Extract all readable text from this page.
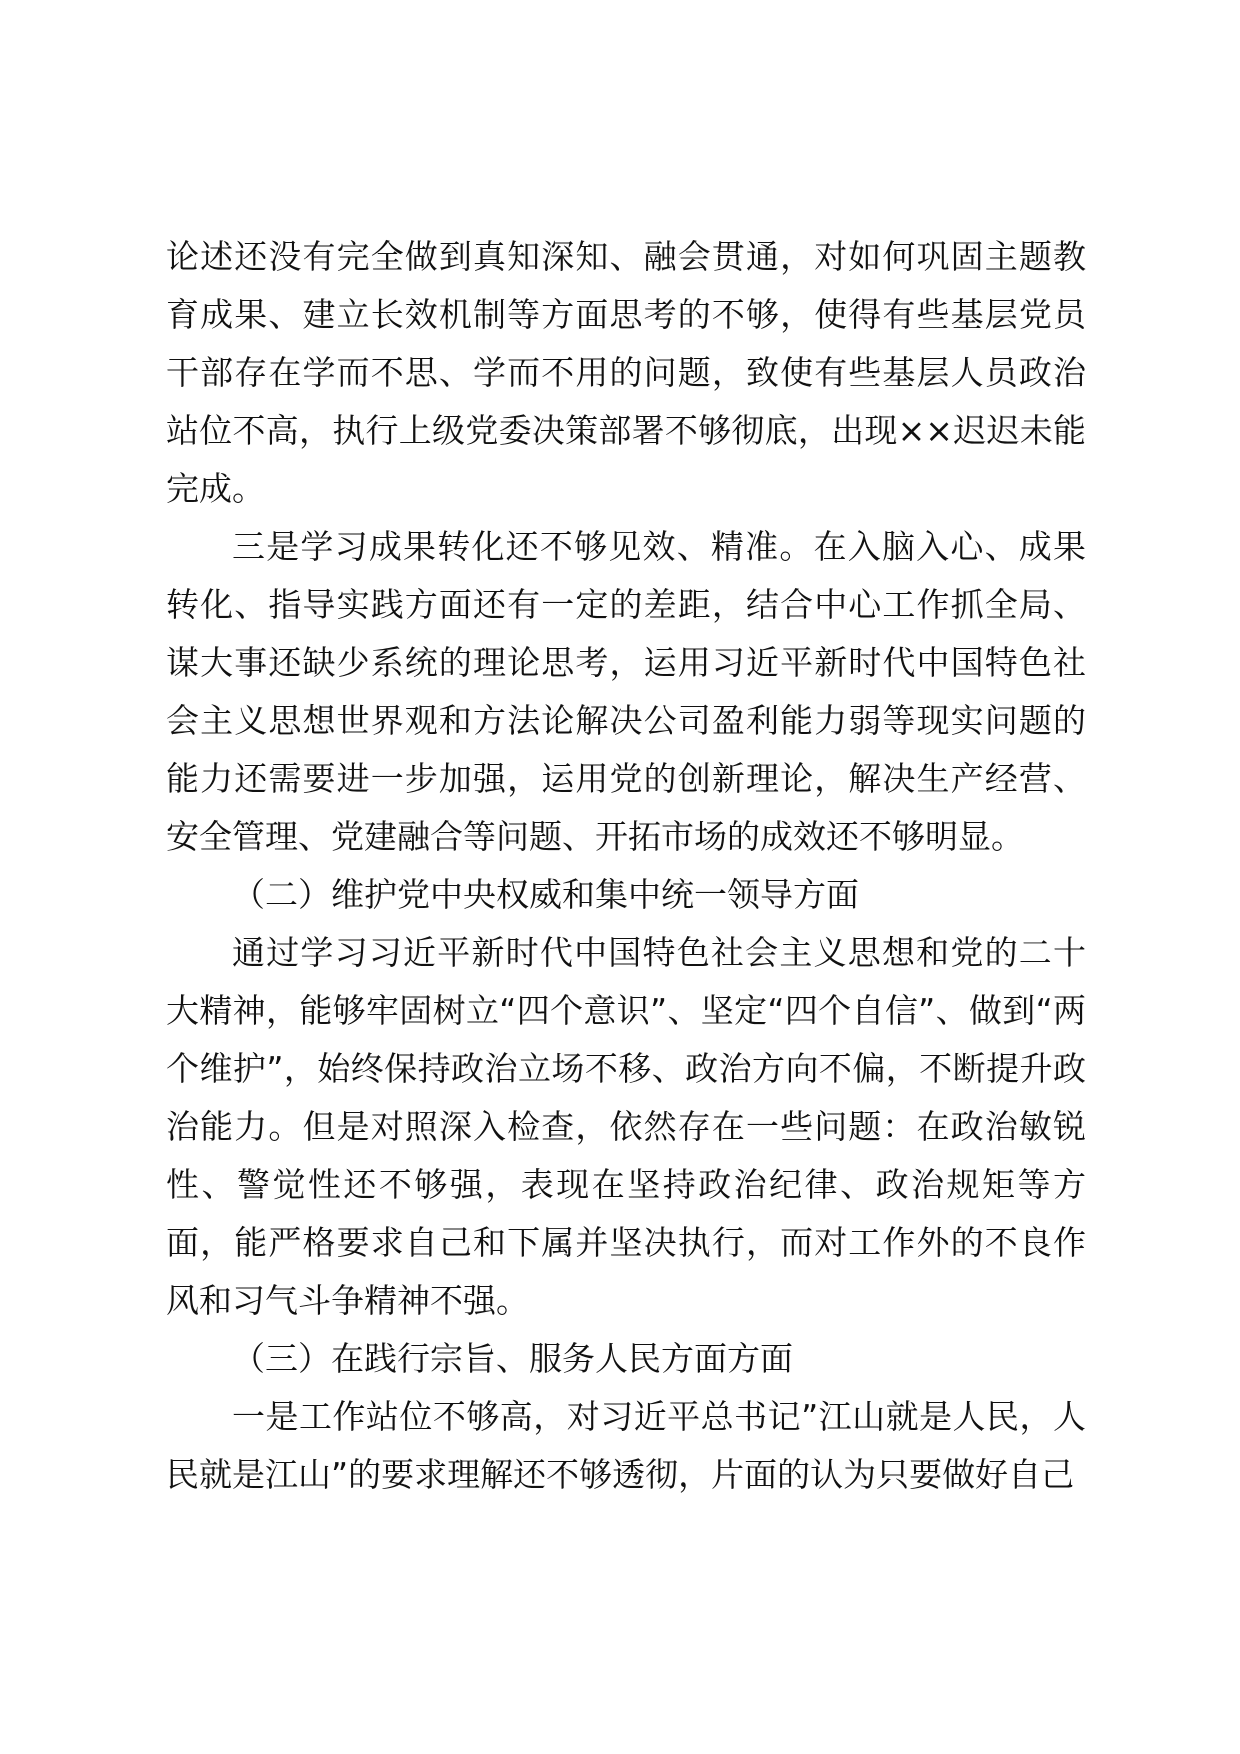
论述还没有完全做到真知深知、融会贯通，对如何巩固主题教育成果、建立长效机制等方面思考的不够，使得有些基层党员干部存在学而不思、学而不用的问题，致使有些基层人员政治站位不高，执行上级党委决策部署不够彻底，出现××迟迟未能完成。

三是学习成果转化还不够见效、精准。在入脑入心、成果转化、指导实践方面还有一定的差距，结合中心工作抓全局、谋大事还缺少系统的理论思考，运用习近平新时代中国特色社会主义思想世界观和方法论解决公司盈利能力弱等现实问题的能力还需要进一步加强，运用党的创新理论，解决生产经营、安全管理、党建融合等问题、开拓市场的成效还不够明显。

（二）维护党中央权威和集中统一领导方面

通过学习习近平新时代中国特色社会主义思想和党的二十大精神，能够牢固树立“四个意识”、坚定“四个自信”、做到“两个维护”，始终保持政治立场不移、政治方向不偏，不断提升政治能力。但是对照深入检查，依然存在一些问题：在政治敏锐性、警觉性还不够强，表现在坚持政治纪律、政治规矩等方面，能严格要求自己和下属并坚决执行，而对工作外的不良作风和习气斗争精神不强。

（三）在践行宗旨、服务人民方面方面

一是工作站位不够高，对习近平总书记”江山就是人民，人民就是江山”的要求理解还不够透彻，片面的认为只要做好自己
